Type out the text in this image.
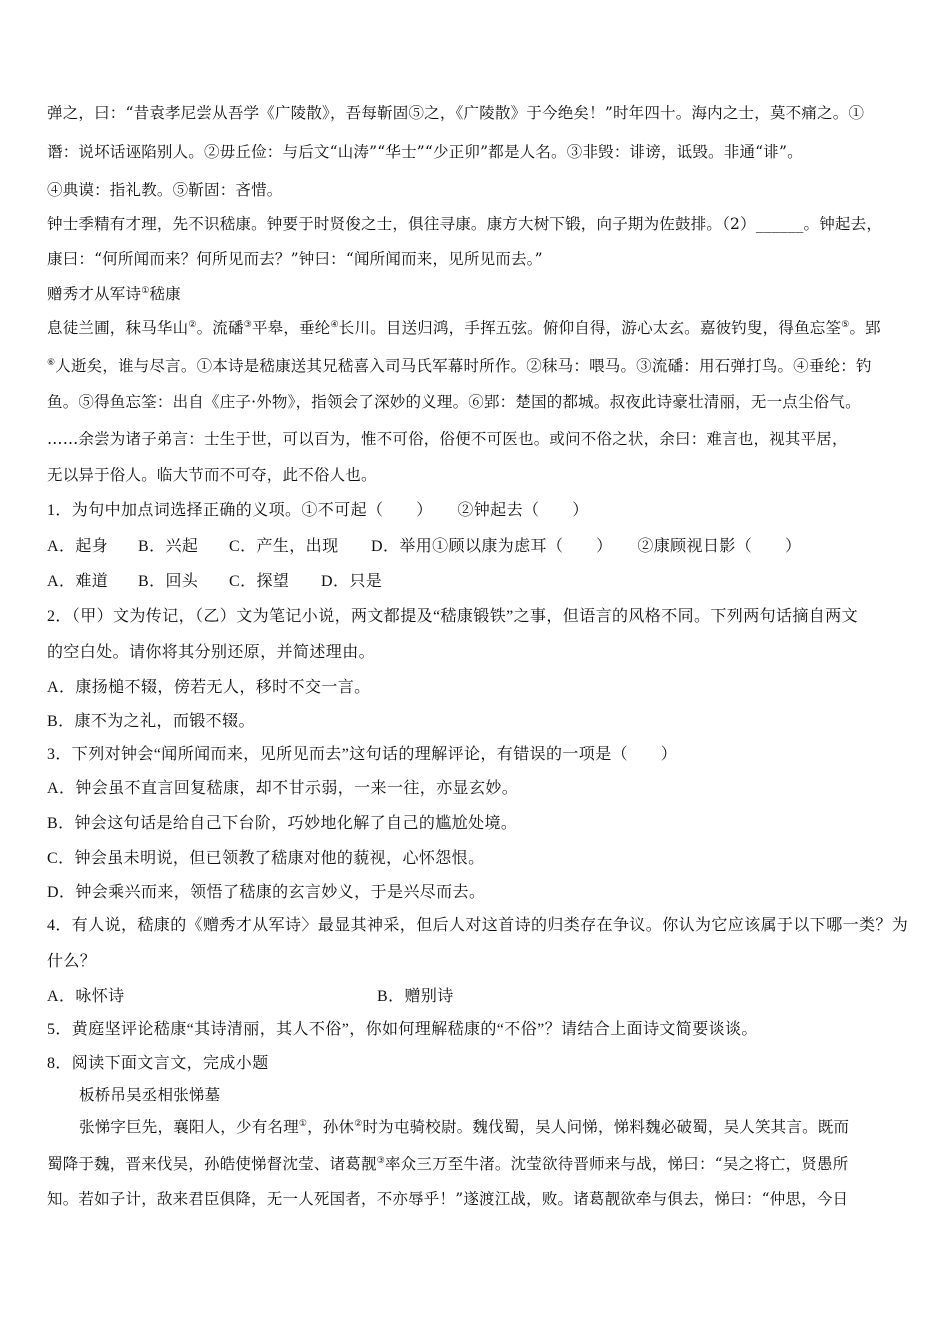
弹之，曰：“昔袁孝尼尝从吾学《广陵散》，吾每靳固⑤之，《广陵散》于今绝矣！”时年四十。海内之士，莫不痛之。①
谮：说坏话诬陷别人。②毋丘俭：与后文“山涛”“华士”“少正卯”都是人名。③非毁：诽谤，诋毁。非通“诽”。
④典谟：指礼教。⑤靳固：吝惜。
钟士季精有才理，先不识嵇康。钟要于时贤俊之士，俱往寻康。康方大树下锻，向子期为佐鼓排。（2）______。钟起去，
康曰：“何所闻而来？何所见而去？”钟曰：“闻所闻而来，见所见而去。”
赠秀才从军诗①嵇康
息徒兰圃，秣马华山②。流磻③平皋，垂纶④长川。目送归鸿，手挥五弦。俯仰自得，游心太玄。嘉彼钓叟，得鱼忘筌⑤。郢
⑥人逝矣，谁与尽言。①本诗是嵇康送其兄嵇喜入司马氏军幕时所作。②秣马：喂马。③流磻：用石弹打鸟。④垂纶：钓
鱼。⑤得鱼忘筌：出自《庄子·外物》，指领会了深妙的义理。⑥郢：楚国的都城。叔夜此诗豪壮清丽，无一点尘俗气。
……余尝为诸子弟言：士生于世，可以百为，惟不可俗，俗便不可医也。或问不俗之状，余曰：难言也，视其平居，
无以异于俗人。临大节而不可夺，此不俗人也。
1．为句中加点词选择正确的义项。①不可起（　　）　　②钟起去（　　）
A．起身 B．兴起 C．产生，出现 D．举用①顾以康为虑耳（　　）　　②康顾视日影（　　）
A．难道 B．回头 C．探望 D．只是
2．（甲）文为传记，（乙）文为笔记小说，两文都提及“嵇康锻铁”之事，但语言的风格不同。下列两句话摘自两文
的空白处。请你将其分别还原，并简述理由。
A．康扬槌不辍，傍若无人，移时不交一言。
B．康不为之礼，而锻不辍。
3．下列对钟会“闻所闻而来，见所见而去”这句话的理解评论，有错误的一项是（　　）
A．钟会虽不直言回复嵇康，却不甘示弱，一来一往，亦显玄妙。
B．钟会这句话是给自己下台阶，巧妙地化解了自己的尴尬处境。
C．钟会虽未明说，但已领教了嵇康对他的藐视，心怀怨恨。
D．钟会乘兴而来，领悟了嵇康的玄言妙义，于是兴尽而去。
4．有人说，嵇康的《赠秀才从军诗〉最显其神采，但后人对这首诗的归类存在争议。你认为它应该属于以下哪一类？为
什么？
A．咏怀诗	B．赠别诗
5．黄庭坚评论嵇康“其诗清丽，其人不俗”，你如何理解嵇康的“不俗”？请结合上面诗文简要谈谈。
8．阅读下面文言文，完成小题
板桥吊吴丞相张悌墓
张悌字巨先，襄阳人，少有名理①，孙休②时为屯骑校尉。魏伐蜀，吴人问悌，悌料魏必破蜀，吴人笑其言。既而
蜀降于魏，晋来伐吴，孙皓使悌督沈莹、诸葛靓③率众三万至牛渚。沈莹欲待晋师来与战，悌曰：“吴之将亡，贤愚所
知。若如子计，敌来君臣俱降，无一人死国者，不亦辱乎！”遂渡江战，败。诸葛靓欲牵与俱去，悌曰：“仲思，今日
